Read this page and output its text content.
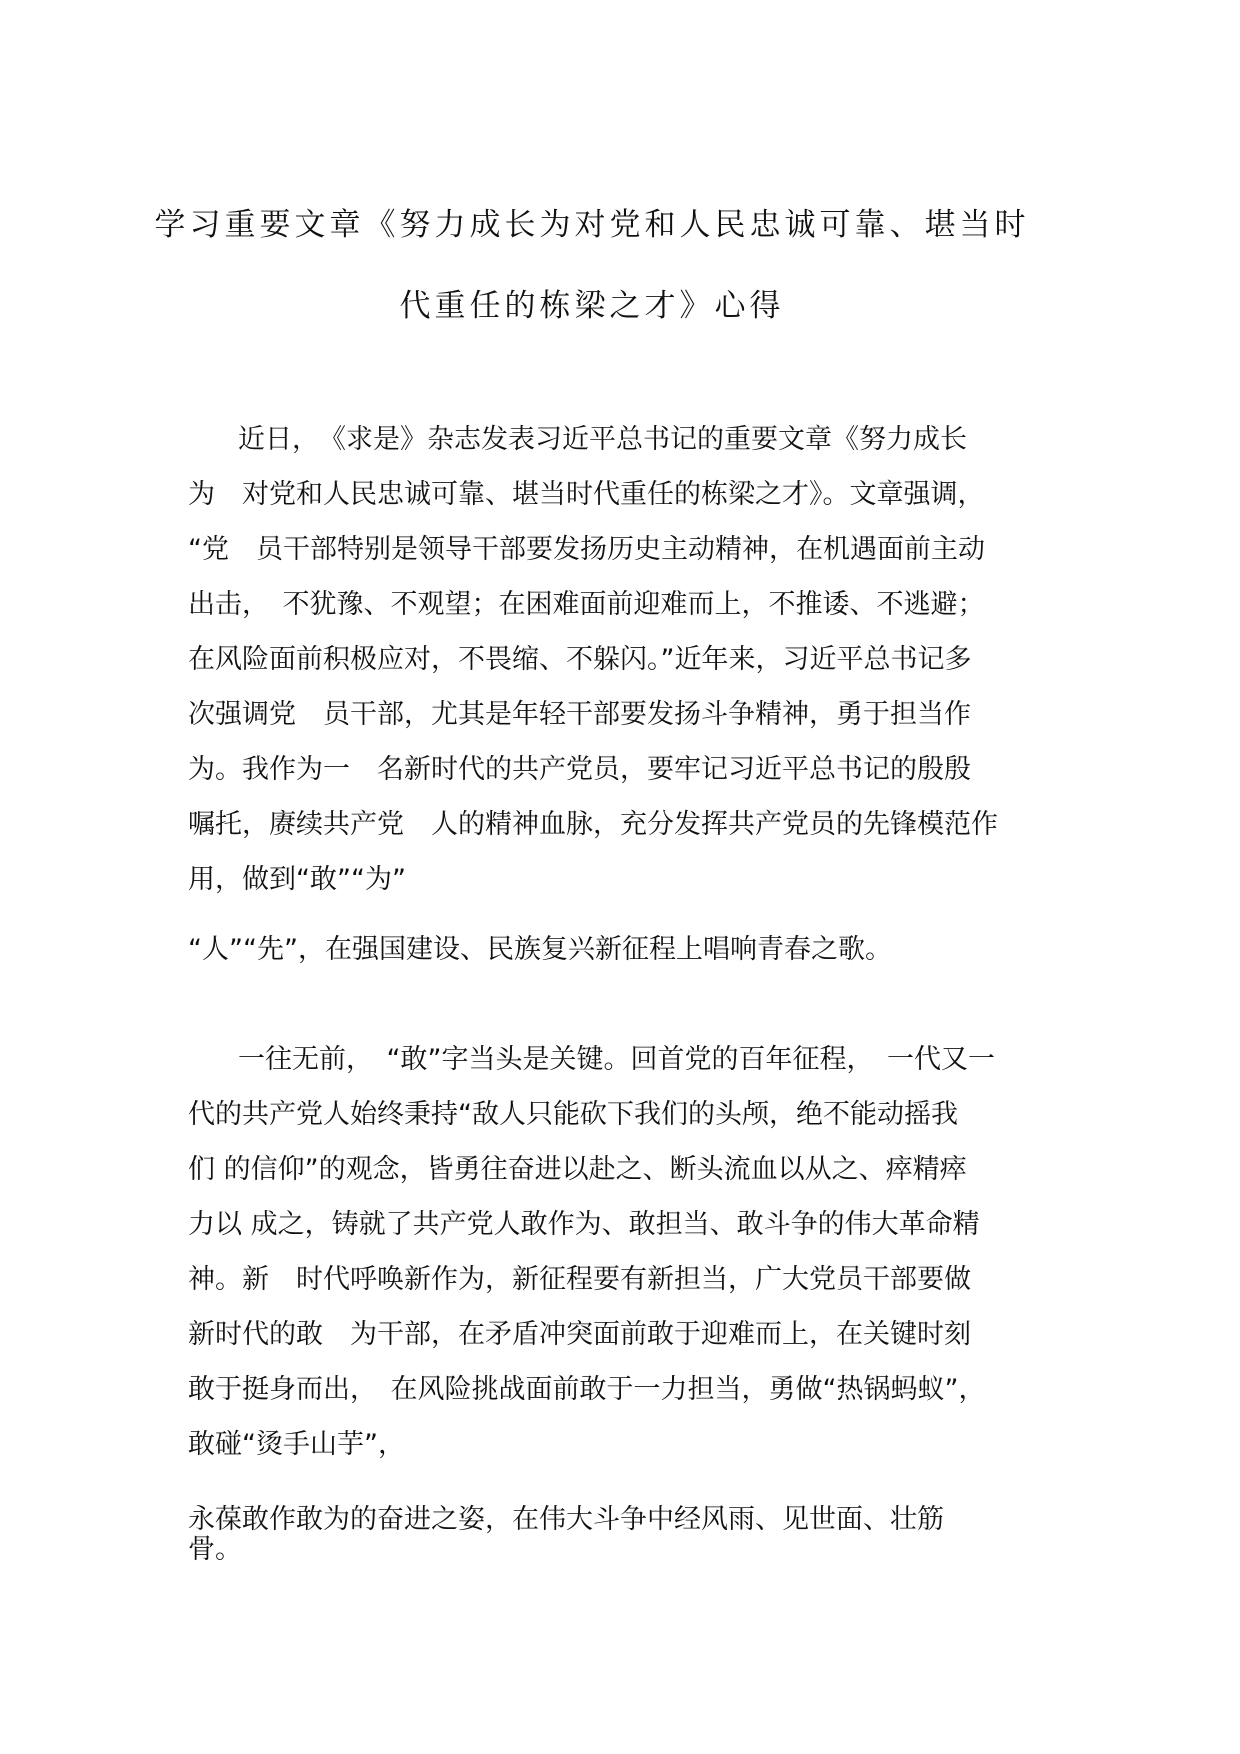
学习重要文章《努力成长为对党和人民忠诚可靠、堪当时
代重任的栋梁之才》心得
近日，　《求是》杂志发表习近平总书记的重要文章《努力成长
为　对党和人民忠诚可靠、堪当时代重任的栋梁之才》。文章强调，
“党　员干部特别是领导干部要发扬历史主动精神，在机遇面前主动
出击，　不犹豫、不观望；在困难面前迎难而上，不推诿、不逃避；
在风险面前积极应对，不畏缩、不躲闪。”近年来，习近平总书记多
次强调党　员干部，尤其是年轻干部要发扬斗争精神，勇于担当作
为。我作为一　名新时代的共产党员，要牢记习近平总书记的殷殷
嘱托，赓续共产党　人的精神血脉，充分发挥共产党员的先锋模范作
用，做到“敢”“为”
“人”“先”，在强国建设、民族复兴新征程上唱响青春之歌。
一往无前，　“敢”字当头是关键。回首党的百年征程，　一代又一
代的共产党人始终秉持“敌人只能砍下我们的头颅，绝不能动摇我
们 的信仰”的观念，皆勇往奋进以赴之、断头流血以从之、瘁精瘁
力以 成之，铸就了共产党人敢作为、敢担当、敢斗争的伟大革命精
神。新　时代呼唤新作为，新征程要有新担当，广大党员干部要做
新时代的敢　为干部，在矛盾冲突面前敢于迎难而上，在关键时刻
敢于挺身而出，　在风险挑战面前敢于一力担当，勇做“热锅蚂蚁”，
敢碰“烫手山芋”，
永葆敢作敢为的奋进之姿，在伟大斗争中经风雨、见世面、壮筋
骨。
